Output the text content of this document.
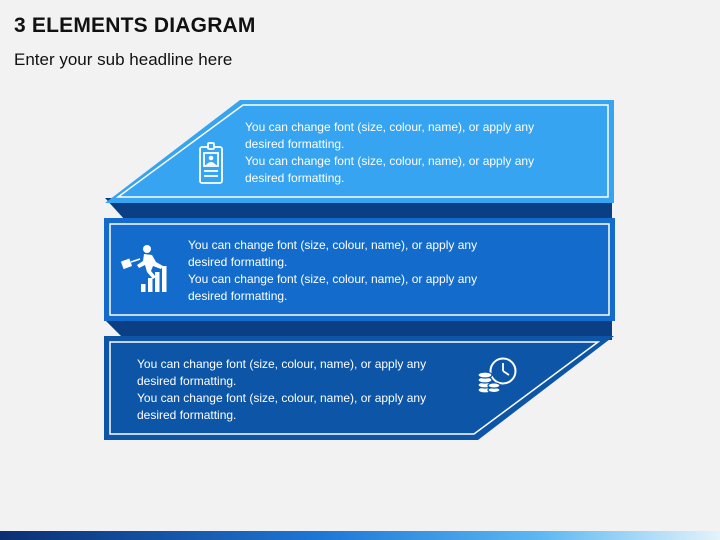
3 ELEMENTS DIAGRAM
Enter your sub headline here
You can change font (size, colour, name), or apply any
desired formatting.
You can change font (size, colour, name), or apply any
desired formatting.
You can change font (size, colour, name), or apply any
desired formatting.
You can change font (size, colour, name), or apply any
desired formatting.
You can change font (size, colour, name), or apply any
desired formatting.
You can change font (size, colour, name), or apply any
desired formatting.
